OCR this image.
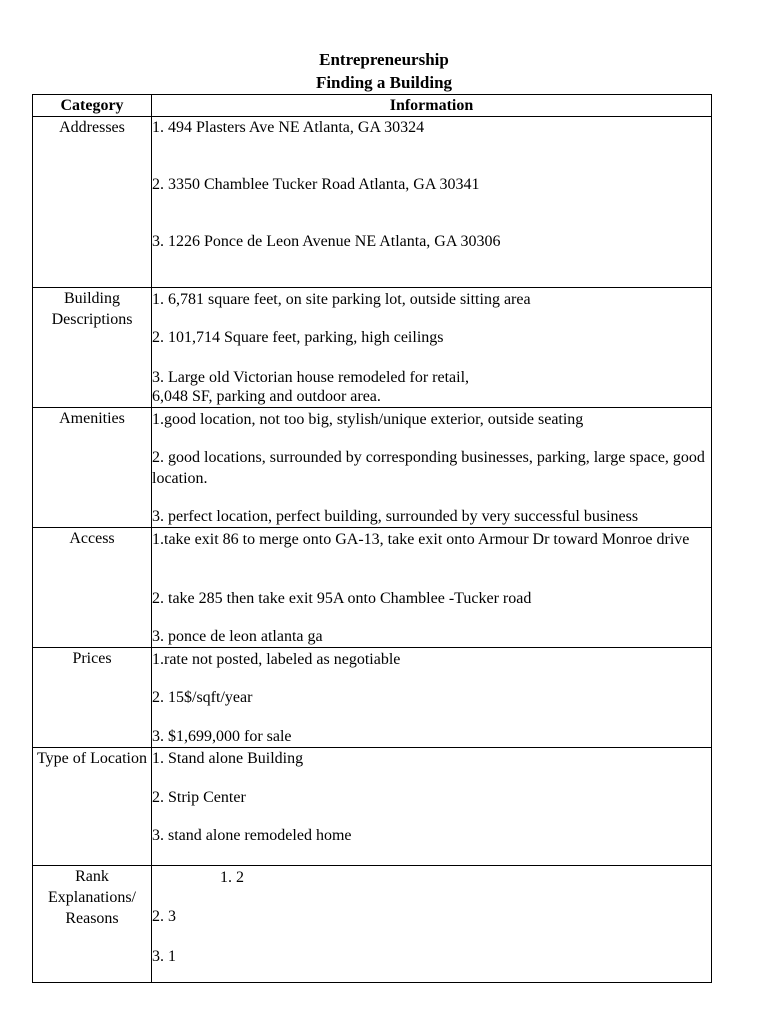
Entrepreneurship
Finding a Building
Category	Information
Addresses	1. 494 Plasters Ave NE Atlanta, GA 30324
2. 3350 Chamblee Tucker Road Atlanta, GA 30341
3. 1226 Ponce de Leon Avenue NE Atlanta, GA 30306

Building Descriptions	1. 6,781 square feet, on site parking lot, outside sitting area
2. 101,714 Square feet, parking, high ceilings
3. Large old Victorian house remodeled for retail,
6,048 SF, parking and outdoor area.

Amenities	1.good location, not too big, stylish/unique exterior, outside seating
2. good locations, surrounded by corresponding businesses, parking, large space, good location.
3. perfect location, perfect building, surrounded by very successful business

Access	1.take exit 86 to merge onto GA-13, take exit onto Armour Dr toward Monroe drive
2. take 285 then take exit 95A onto Chamblee -Tucker road
3. ponce de leon atlanta ga

Prices	1.rate not posted, labeled as negotiable
2. 15$/sqft/year
3. $1,699,000 for sale

Type of Location	1. Stand alone Building
2. Strip Center
3. stand alone remodeled home

Rank Explanations/ Reasons	1. 2
2. 3
3. 1
